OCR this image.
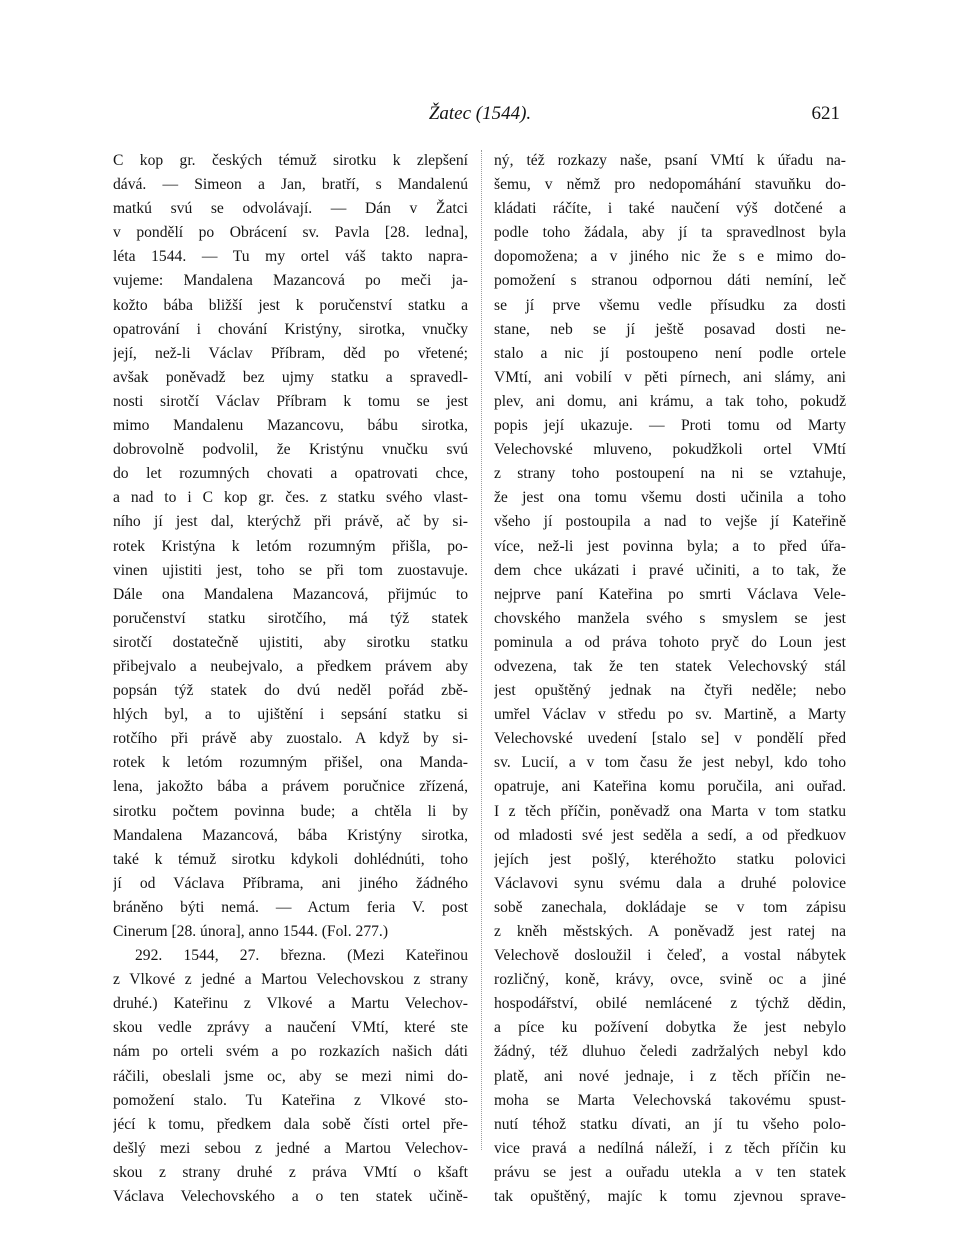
Žatec (1544).	621
C kop gr. českých témuž sirotku k zlepšení
dává. — Simeon a Jan, bratří, s Mandalenú
matkú svú se odvolávají. — Dán v Žatci
v pondělí po Obrácení sv. Pavla [28. ledna],
léta 1544. — Tu my ortel váš takto napra-
vujeme: Mandalena Mazancová po meči ja-
kožto bába bližší jest k poručenství statku a
opatrování i chování Kristýny, sirotka, vnučky
její, než-li Václav Příbram, děd po vřetené;
avšak poněvadž bez ujmy statku a spravedl-
nosti sirotčí Václav Příbram k tomu se jest
mimo Mandalenu Mazancovu, bábu sirotka,
dobrovolně podvolil, že Kristýnu vnučku svú
do let rozumných chovati a opatrovati chce,
a nad to i C kop gr. čes. z statku svého vlast-
ního jí jest dal, kterýchž při právě, ač by si-
rotek Kristýna k letóm rozumným přišla, po-
vinen ujistiti jest, toho se při tom zuostavuje.
Dále ona Mandalena Mazancová, přijmúc to
poručenství statku sirotčího, má týž statek
sirotčí dostatečně ujistiti, aby sirotku statku
přibejvalo a neubejvalo, a předkem právem aby
popsán týž statek do dvú neděl pořád zbě-
hlých byl, a to ujištění i sepsání statku si
rotčího při právě aby zuostalo. A když by si-
rotek k letóm rozumným přišel, ona Manda-
lena, jakožto bába a právem poručnice zřízená,
sirotku počtem povinna bude; a chtěla li by
Mandalena Mazancová, bába Kristýny sirotka,
také k témuž sirotku kdykoli dohlédnúti, toho
jí od Václava Příbrama, ani jiného žádného
bráněno býti nemá. — Actum feria V. post
Cinerum [28. února], anno 1544. (Fol. 277.)
292. 1544, 27. března. (Mezi Kateřinou
z Vlkové z jedné a Martou Velechovskou z strany
druhé.) Kateřinu z Vlkové a Martu Velechov-
skou vedle zprávy a naučení VMtí, které ste
nám po orteli svém a po rozkazích našich dáti
ráčili, obeslali jsme oc, aby se mezi nimi do-
pomožení stalo. Tu Kateřina z Vlkové sto-
jécí k tomu, předkem dala sobě čísti ortel pře-
dešlý mezi sebou z jedné a Martou Velechov-
skou z strany druhé z práva VMtí o kšaft
Václava Velechovského a o ten statek učině-
ný, též rozkazy naše, psaní VMtí k úřadu na-
šemu, v němž pro nedopomáhání stavuňku do-
kládati ráčíte, i také naučení výš dotčené a
podle toho žádala, aby jí ta spravedlnost byla
dopomožena; a v jiného nic že s e mimo do-
pomožení s stranou odpornou dáti nemíní, leč
se jí prve všemu vedle přísudku za dosti
stane, neb se jí ještě posavad dosti ne-
stalo a nic jí postoupeno není podle ortele
VMtí, ani vobilí v pěti pírnech, ani slámy, ani
plev, ani domu, ani krámu, a tak toho, pokudž
popis její ukazuje. — Proti tomu od Marty
Velechovské mluveno, pokudžkoli ortel VMtí
z strany toho postoupení na ni se vztahuje,
že jest ona tomu všemu dosti učinila a toho
všeho jí postoupila a nad to vejše jí Kateřině
více, než-li jest povinna byla; a to před úřa-
dem chce ukázati i pravé učiniti, a to tak, že
nejprve paní Kateřina po smrti Václava Vele-
chovského manžela svého s smyslem se jest
pominula a od práva tohoto pryč do Loun jest
odvezena, tak že ten statek Velechovský stál
jest opuštěný jednak na čtyři neděle; nebo
umřel Václav v středu po sv. Martině, a Marty
Velechovské uvedení [stalo se] v pondělí před
sv. Lucií, a v tom času že jest nebyl, kdo toho
opatruje, ani Kateřina komu poručila, ani ouřad.
I z těch příčin, poněvadž ona Marta v tom statku
od mladosti své jest seděla a sedí, a od předkuov
jejích jest pošlý, kteréhožto statku polovici
Václavovi synu svému dala a druhé polovice
sobě zanechala, dokládaje se v tom zápisu
z kněh městských. A poněvadž jest ratej na
Velechově dosloužil i čeleď, a vostal nábytek
rozličný, koně, krávy, ovce, svině oc a jiné
hospodářství, obilé nemlácené z týchž dědin,
a píce ku požívení dobytka že jest nebylo
žádný, též dluhuo čeledi zadržalých nebyl kdo
platě, ani nové jednaje, i z těch příčin ne-
moha se Marta Velechovská takovému spust-
nutí téhož statku dívati, an jí tu všeho polo-
vice pravá a nedílná náleží, i z těch příčin ku
právu se jest a ouřadu utekla a v ten statek
tak opuštěný, majíc k tomu zjevnou sprave-
